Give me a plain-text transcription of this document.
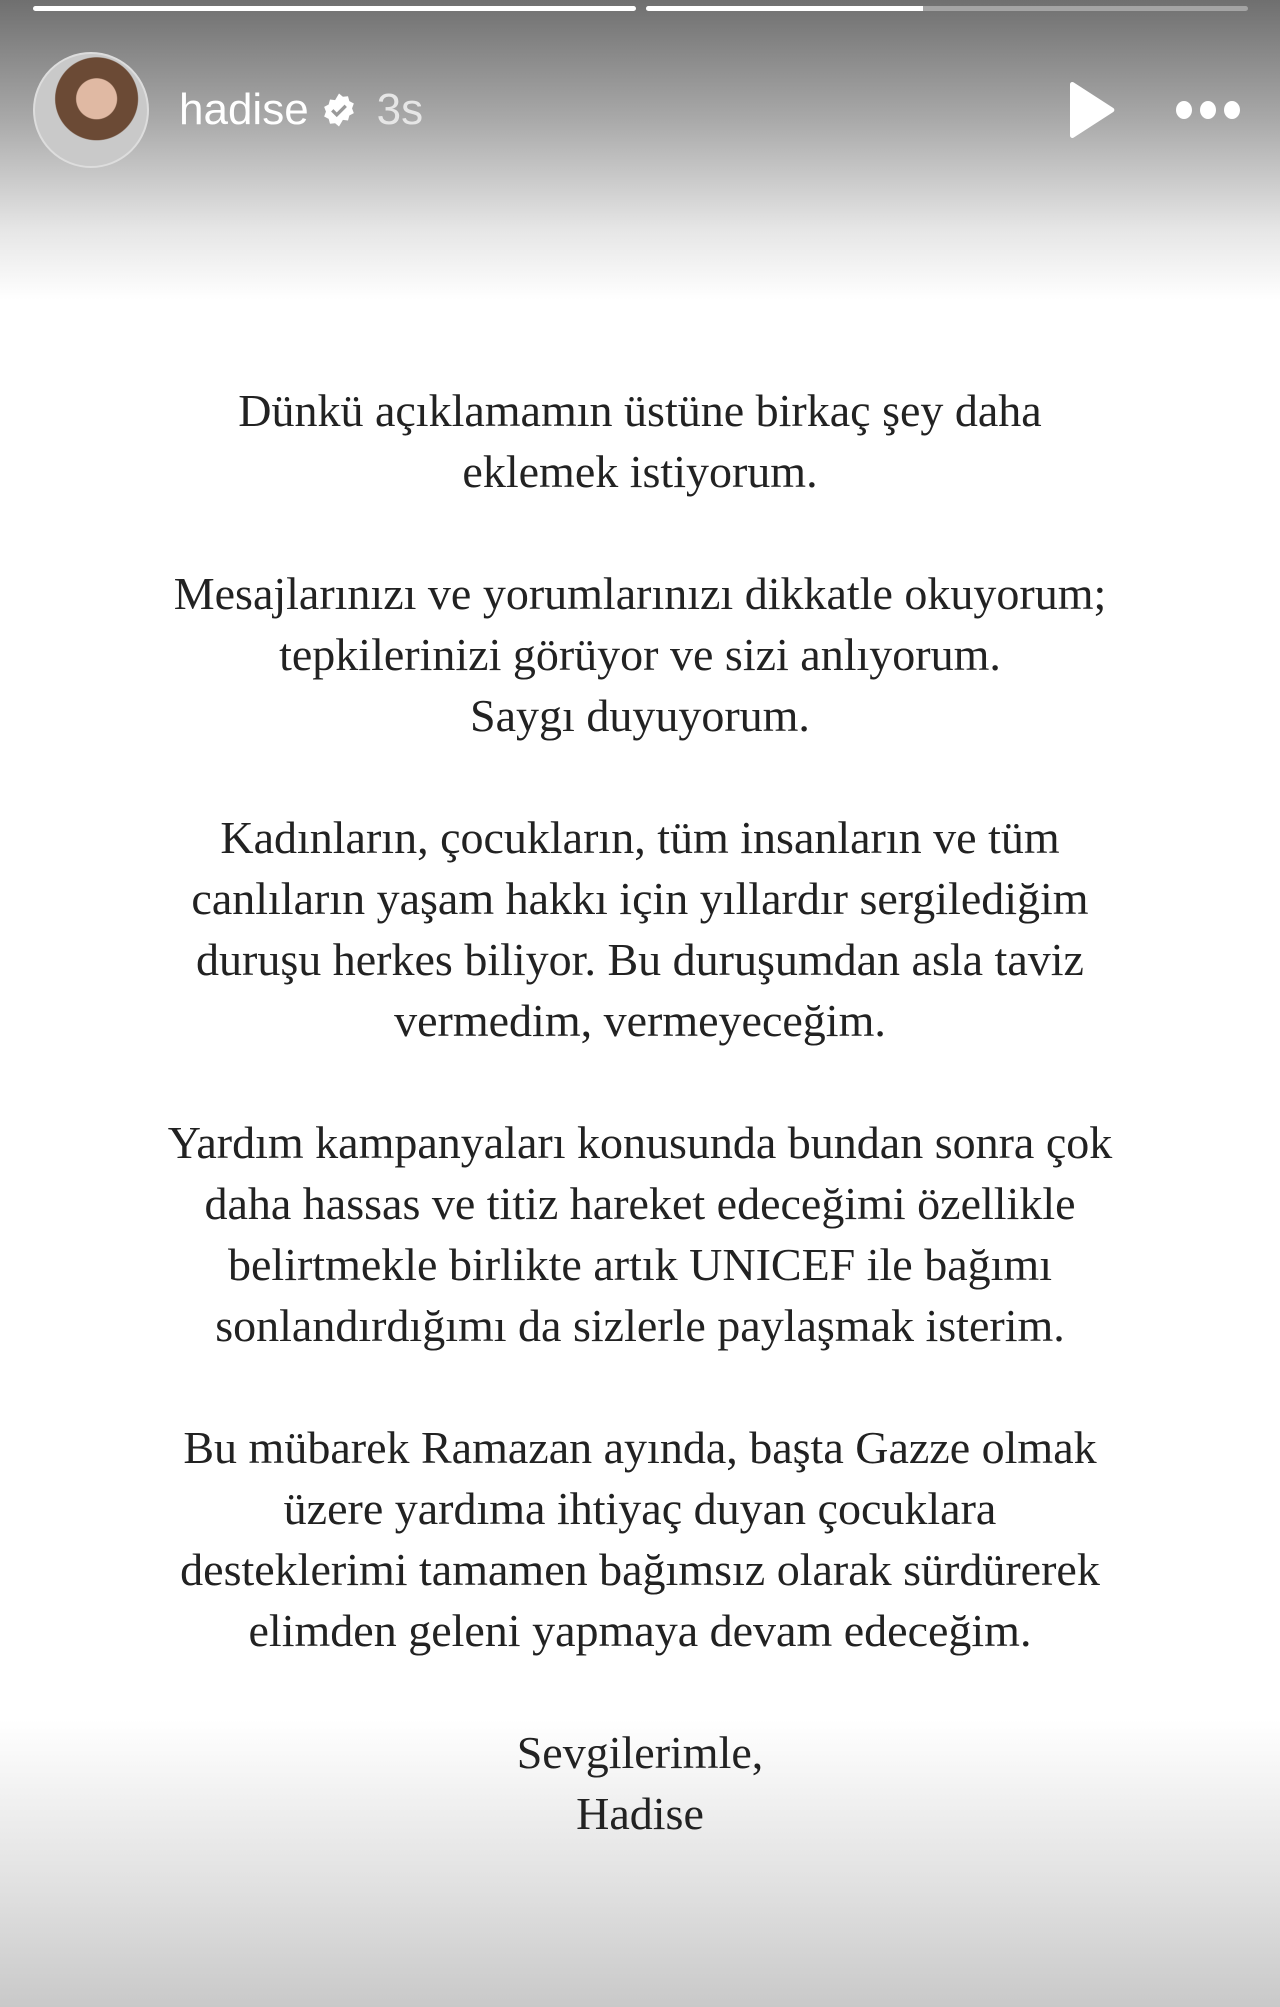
hadise 3s
Dünkü açıklamamın üstüne birkaç şey daha
eklemek istiyorum.
Mesajlarınızı ve yorumlarınızı dikkatle okuyorum;
tepkilerinizi görüyor ve sizi anlıyorum.
Saygı duyuyorum.
Kadınların, çocukların, tüm insanların ve tüm
canlıların yaşam hakkı için yıllardır sergilediğim
duruşu herkes biliyor. Bu duruşumdan asla taviz
vermedim, vermeyeceğim.
Yardım kampanyaları konusunda bundan sonra çok
daha hassas ve titiz hareket edeceğimi özellikle
belirtmekle birlikte artık UNICEF ile bağımı
sonlandırdığımı da sizlerle paylaşmak isterim.
Bu mübarek Ramazan ayında, başta Gazze olmak
üzere yardıma ihtiyaç duyan çocuklara
desteklerimi tamamen bağımsız olarak sürdürerek
elimden geleni yapmaya devam edeceğim.
Sevgilerimle,
Hadise
